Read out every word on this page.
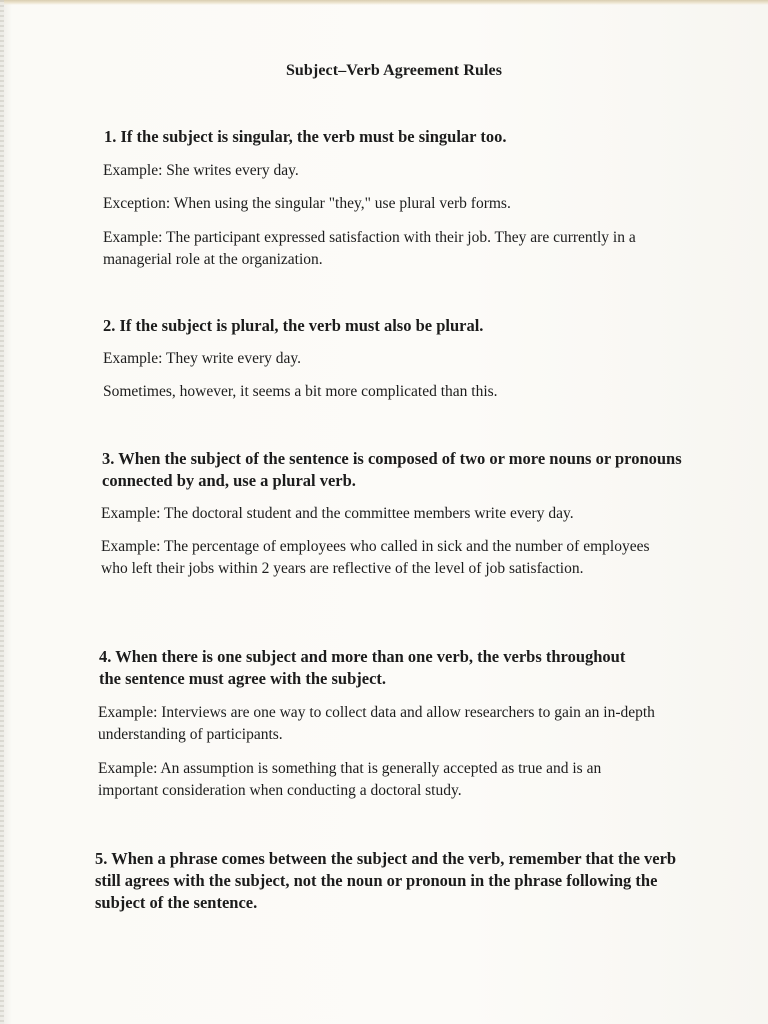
Subject–Verb Agreement Rules
1. If the subject is singular, the verb must be singular too.
Example: She writes every day.
Exception: When using the singular "they," use plural verb forms.
Example: The participant expressed satisfaction with their job. They are currently in a managerial role at the organization.
2. If the subject is plural, the verb must also be plural.
Example: They write every day.
Sometimes, however, it seems a bit more complicated than this.
3. When the subject of the sentence is composed of two or more nouns or pronouns connected by and, use a plural verb.
Example: The doctoral student and the committee members write every day.
Example: The percentage of employees who called in sick and the number of employees who left their jobs within 2 years are reflective of the level of job satisfaction.
4. When there is one subject and more than one verb, the verbs throughout the sentence must agree with the subject.
Example: Interviews are one way to collect data and allow researchers to gain an in-depth understanding of participants.
Example: An assumption is something that is generally accepted as true and is an important consideration when conducting a doctoral study.
5. When a phrase comes between the subject and the verb, remember that the verb still agrees with the subject, not the noun or pronoun in the phrase following the subject of the sentence.
